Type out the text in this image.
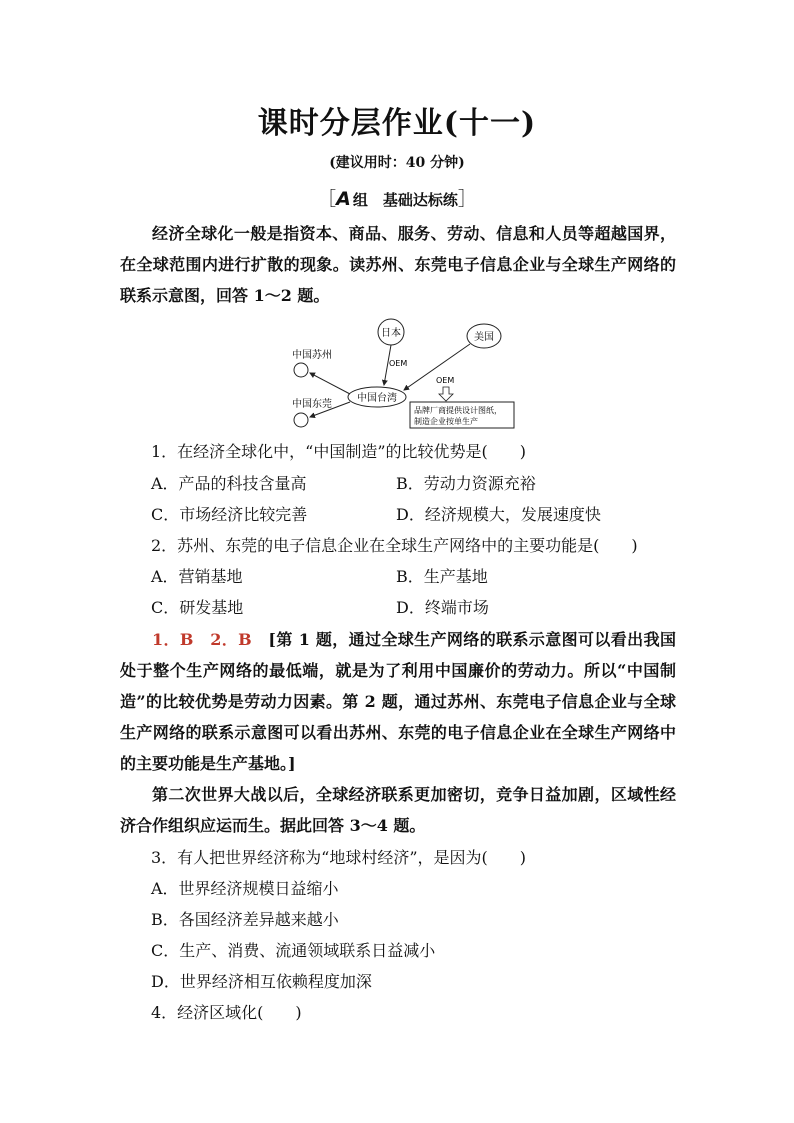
课时分层作业(十一)
(建议用时：40 分钟)
［A 组　基础达标练］
经济全球化一般是指资本、商品、服务、劳动、信息和人员等超越国界，在全球范围内进行扩散的现象。读苏州、东莞电子信息企业与全球生产网络的联系示意图，回答 1～2 题。
日本	美国
中国台湾
中国苏州
中国东莞
OEM
OEM
品牌厂商提供设计图纸，
制造企业按单生产
1．在经济全球化中，“中国制造”的比较优势是(　　)
A．产品的科技含量高	B．劳动力资源充裕
C．市场经济比较完善	D．经济规模大，发展速度快
2．苏州、东莞的电子信息企业在全球生产网络中的主要功能是(　　)
A．营销基地	B．生产基地
C．研发基地	D．终端市场
1．B　2．B　 [第 1 题，通过全球生产网络的联系示意图可以看出我国处于整个生产网络的最低端，就是为了利用中国廉价的劳动力。所以“中国制造”的比较优势是劳动力因素。第 2 题，通过苏州、东莞电子信息企业与全球生产网络的联系示意图可以看出苏州、东莞的电子信息企业在全球生产网络中的主要功能是生产基地。]
第二次世界大战以后，全球经济联系更加密切，竞争日益加剧，区域性经济合作组织应运而生。据此回答 3～4 题。
3．有人把世界经济称为“地球村经济”，是因为(　　)
A．世界经济规模日益缩小
B．各国经济差异越来越小
C．生产、消费、流通领域联系日益减小
D．世界经济相互依赖程度加深
4．经济区域化(　　)
